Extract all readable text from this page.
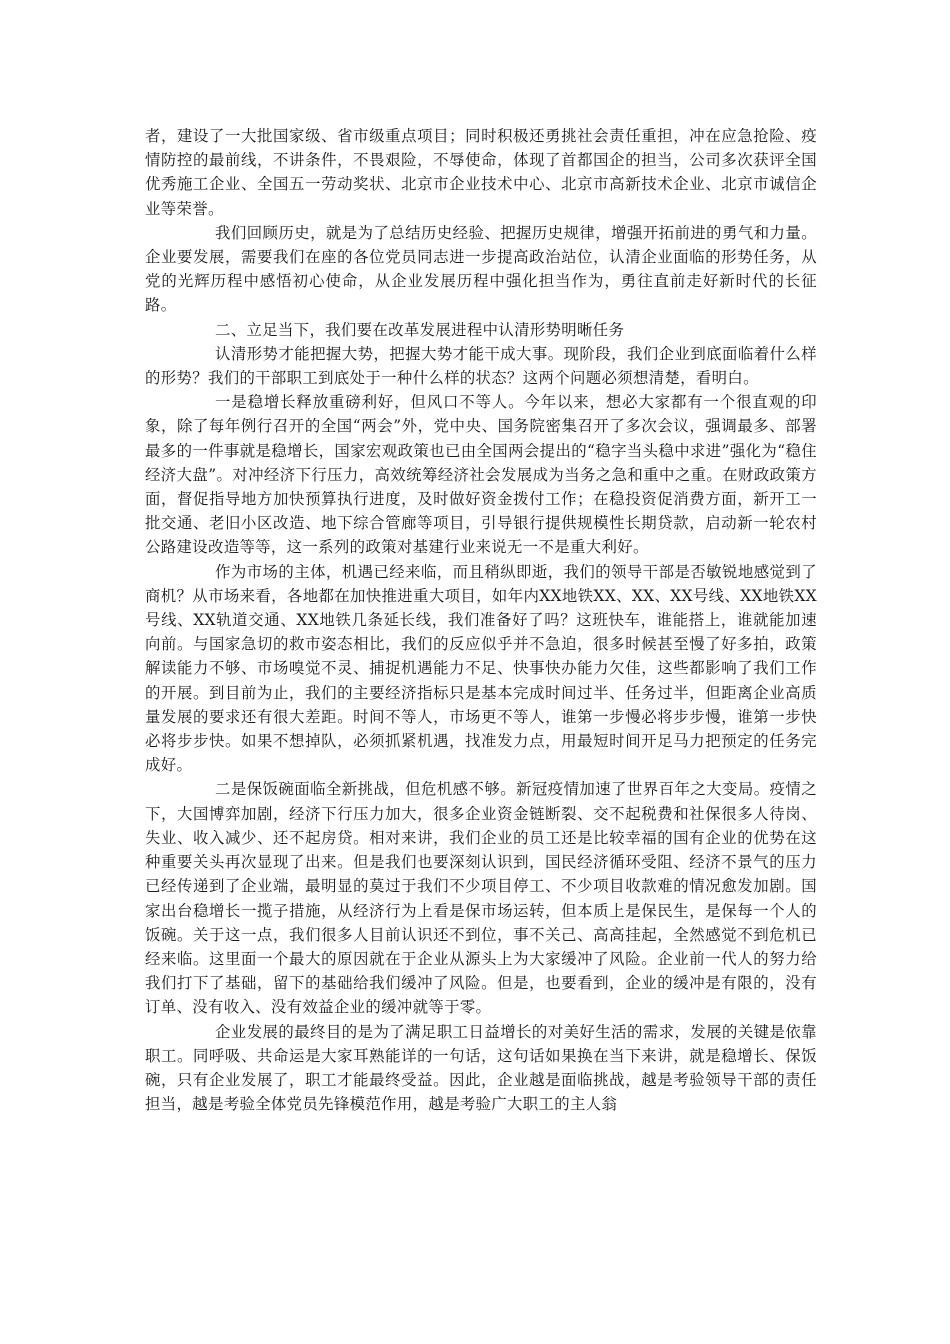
者，建设了一大批国家级、省市级重点项目；同时积极还勇挑社会责任重担，冲在应急抢险、疫情防控的最前线，不讲条件，不畏艰险，不辱使命，体现了首都国企的担当，公司多次获评全国优秀施工企业、全国五一劳动奖状、北京市企业技术中心、北京市高新技术企业、北京市诚信企业等荣誉。

我们回顾历史，就是为了总结历史经验、把握历史规律，增强开拓前进的勇气和力量。企业要发展，需要我们在座的各位党员同志进一步提高政治站位，认清企业面临的形势任务，从党的光辉历程中感悟初心使命，从企业发展历程中强化担当作为，勇往直前走好新时代的长征路。

二、立足当下，我们要在改革发展进程中认清形势明晰任务

认清形势才能把握大势，把握大势才能干成大事。现阶段，我们企业到底面临着什么样的形势？我们的干部职工到底处于一种什么样的状态？这两个问题必须想清楚，看明白。

一是稳增长释放重磅利好，但风口不等人。今年以来，想必大家都有一个很直观的印象，除了每年例行召开的全国“两会”外，党中央、国务院密集召开了多次会议，强调最多、部署最多的一件事就是稳增长，国家宏观政策也已由全国两会提出的“稳字当头稳中求进”强化为“稳住经济大盘”。对冲经济下行压力，高效统筹经济社会发展成为当务之急和重中之重。在财政政策方面，督促指导地方加快预算执行进度，及时做好资金拨付工作；在稳投资促消费方面，新开工一批交通、老旧小区改造、地下综合管廊等项目，引导银行提供规模性长期贷款，启动新一轮农村公路建设改造等等，这一系列的政策对基建行业来说无一不是重大利好。

作为市场的主体，机遇已经来临，而且稍纵即逝，我们的领导干部是否敏锐地感觉到了商机？从市场来看，各地都在加快推进重大项目，如年内XX地铁XX、XX、XX号线、XX地铁XX号线、XX轨道交通、XX地铁几条延长线，我们准备好了吗？这班快车，谁能搭上，谁就能加速向前。与国家急切的救市姿态相比，我们的反应似乎并不急迫，很多时候甚至慢了好多拍，政策解读能力不够、市场嗅觉不灵、捕捉机遇能力不足、快事快办能力欠佳，这些都影响了我们工作的开展。到目前为止，我们的主要经济指标只是基本完成时间过半、任务过半，但距离企业高质量发展的要求还有很大差距。时间不等人，市场更不等人，谁第一步慢必将步步慢，谁第一步快必将步步快。如果不想掉队，必须抓紧机遇，找准发力点，用最短时间开足马力把预定的任务完成好。

二是保饭碗面临全新挑战，但危机感不够。新冠疫情加速了世界百年之大变局。疫情之下，大国博弈加剧，经济下行压力加大，很多企业资金链断裂、交不起税费和社保很多人待岗、失业、收入减少、还不起房贷。相对来讲，我们企业的员工还是比较幸福的国有企业的优势在这种重要关头再次显现了出来。但是我们也要深刻认识到，国民经济循环受阻、经济不景气的压力已经传递到了企业端，最明显的莫过于我们不少项目停工、不少项目收款难的情况愈发加剧。国家出台稳增长一揽子措施，从经济行为上看是保市场运转，但本质上是保民生，是保每一个人的饭碗。关于这一点，我们很多人目前认识还不到位，事不关己、高高挂起，全然感觉不到危机已经来临。这里面一个最大的原因就在于企业从源头上为大家缓冲了风险。企业前一代人的努力给我们打下了基础，留下的基础给我们缓冲了风险。但是，也要看到，企业的缓冲是有限的，没有订单、没有收入、没有效益企业的缓冲就等于零。

企业发展的最终目的是为了满足职工日益增长的对美好生活的需求，发展的关键是依靠职工。同呼吸、共命运是大家耳熟能详的一句话，这句话如果换在当下来讲，就是稳增长、保饭碗，只有企业发展了，职工才能最终受益。因此，企业越是面临挑战，越是考验领导干部的责任担当，越是考验全体党员先锋模范作用，越是考验广大职工的主人翁
